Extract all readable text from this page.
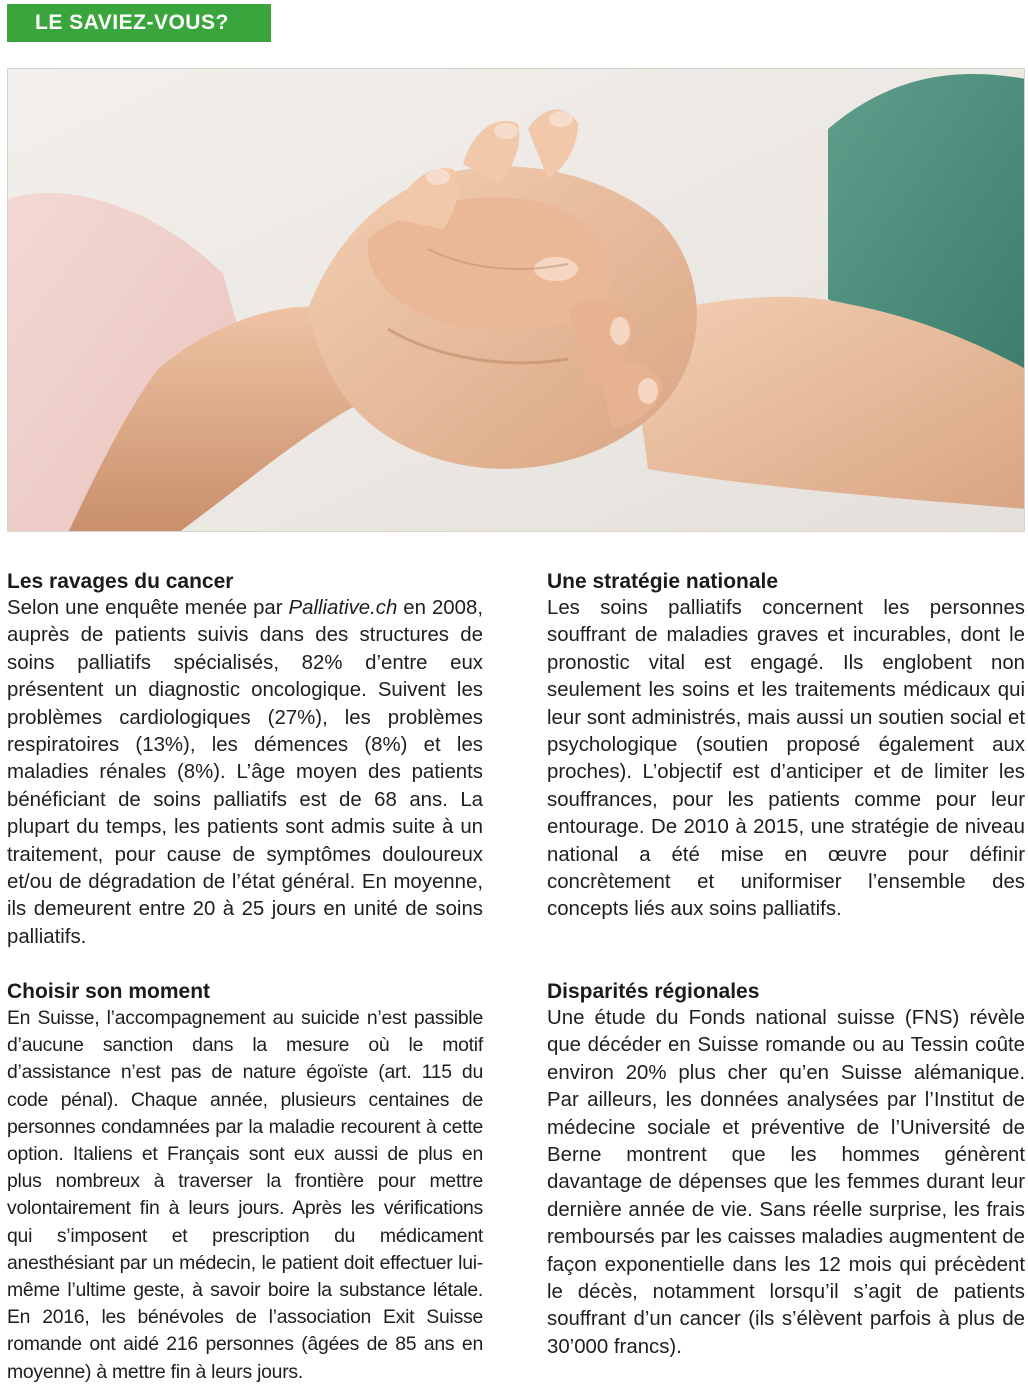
LE SAVIEZ-VOUS?
Les ravages du cancer

Selon une enquête menée par Palliative.ch en 2008, auprès de patients suivis dans des structures de soins palliatifs spécialisés, 82% d’entre eux présentent un diagnostic oncologique. Suivent les problèmes cardiologiques (27%), les problèmes respiratoires (13%), les démences (8%) et les maladies rénales (8%). L’âge moyen des patients bénéficiant de soins palliatifs est de 68 ans. La plupart du temps, les patients sont admis suite à un traitement, pour cause de symptômes douloureux et/ou de dégradation de l’état général. En moyenne, ils demeurent entre 20 à 25 jours en unité de soins palliatifs.

Une stratégie nationale

Les soins palliatifs concernent les personnes souffrant de maladies graves et incurables, dont le pronostic vital est engagé. Ils englobent non seulement les soins et les traitements médicaux qui leur sont administrés, mais aussi un soutien social et psychologique (soutien proposé également aux proches). L’objectif est d’anticiper et de limiter les souffrances, pour les patients comme pour leur entourage. De 2010 à 2015, une stratégie de niveau national a été mise en œuvre pour définir concrètement et uniformiser l’ensemble des concepts liés aux soins palliatifs.

Choisir son moment

En Suisse, l’accompagnement au suicide n’est passible d’aucune sanction dans la mesure où le motif d’assistance n’est pas de nature égoïste (art. 115 du code pénal). Chaque année, plusieurs centaines de personnes condamnées par la maladie recourent à cette option. Italiens et Français sont eux aussi de plus en plus nombreux à traverser la frontière pour mettre volontairement fin à leurs jours. Après les vérifications qui s’imposent et prescription du médicament anesthésiant par un médecin, le patient doit effectuer lui-même l’ultime geste, à savoir boire la substance létale. En 2016, les bénévoles de l’association Exit Suisse romande ont aidé 216 personnes (âgées de 85 ans en moyenne) à mettre fin à leurs jours.

Disparités régionales

Une étude du Fonds national suisse (FNS) révèle que décéder en Suisse romande ou au Tessin coûte environ 20% plus cher qu’en Suisse alémanique. Par ailleurs, les données analysées par l’Institut de médecine sociale et préventive de l’Université de Berne montrent que les hommes génèrent davantage de dépenses que les femmes durant leur dernière année de vie. Sans réelle surprise, les frais remboursés par les caisses maladies augmentent de façon exponentielle dans les 12 mois qui précèdent le décès, notamment lorsqu’il s’agit de patients souffrant d’un cancer (ils s’élèvent parfois à plus de 30’000 francs).
